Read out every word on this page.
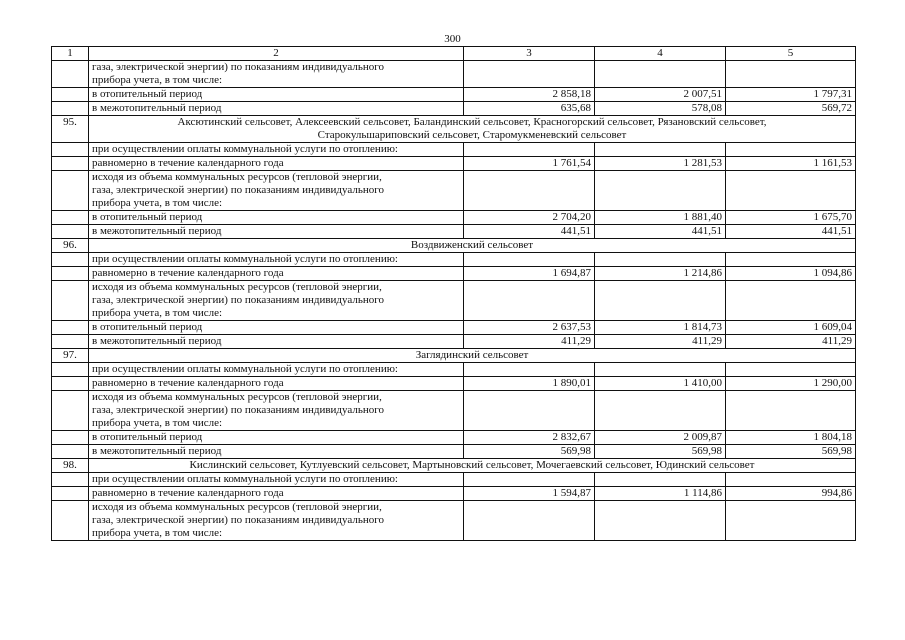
300
1	2	3	4	5

	газа, электрической энергии) по показаниям индивидуального
прибора учета, в том числе:			

	в отопительный период	2 858,18	2 007,51	1 797,31
	в межотопительный период	635,68	578,08	569,72
95.	Аксютинский сельсовет, Алексеевский сельсовет, Баландинский сельсовет, Красногорский сельсовет, Рязановский сельсовет,
Старокульшариповский сельсовет, Старомукменевский сельсовет			

	при осуществлении оплаты коммунальной услуги по отоплению:			
	равномерно в течение календарного года	1 761,54	1 281,53	1 161,53

	исходя из объема коммунальных ресурсов (тепловой энергии,
газа, электрической энергии) по показаниям индивидуального
прибора учета, в том числе:			

	в отопительный период	2 704,20	1 881,40	1 675,70
	в межотопительный период	441,51	441,51	441,51
96.	Воздвиженский сельсовет			

	при осуществлении оплаты коммунальной услуги по отоплению:			
	равномерно в течение календарного года	1 694,87	1 214,86	1 094,86

	исходя из объема коммунальных ресурсов (тепловой энергии,
газа, электрической энергии) по показаниям индивидуального
прибора учета, в том числе:			

	в отопительный период	2 637,53	1 814,73	1 609,04
	в межотопительный период	411,29	411,29	411,29
97.	Заглядинский сельсовет			

	при осуществлении оплаты коммунальной услуги по отоплению:			
	равномерно в течение календарного года	1 890,01	1 410,00	1 290,00

	исходя из объема коммунальных ресурсов (тепловой энергии,
газа, электрической энергии) по показаниям индивидуального
прибора учета, в том числе:			

	в отопительный период	2 832,67	2 009,87	1 804,18
	в межотопительный период	569,98	569,98	569,98
98.	Кислинский сельсовет, Кутлуевский сельсовет, Мартыновский сельсовет, Мочегаевский сельсовет, Юдинский сельсовет			

	при осуществлении оплаты коммунальной услуги по отоплению:			
	равномерно в течение календарного года	1 594,87	1 114,86	994,86

	исходя из объема коммунальных ресурсов (тепловой энергии,
газа, электрической энергии) по показаниям индивидуального
прибора учета, в том числе:			
